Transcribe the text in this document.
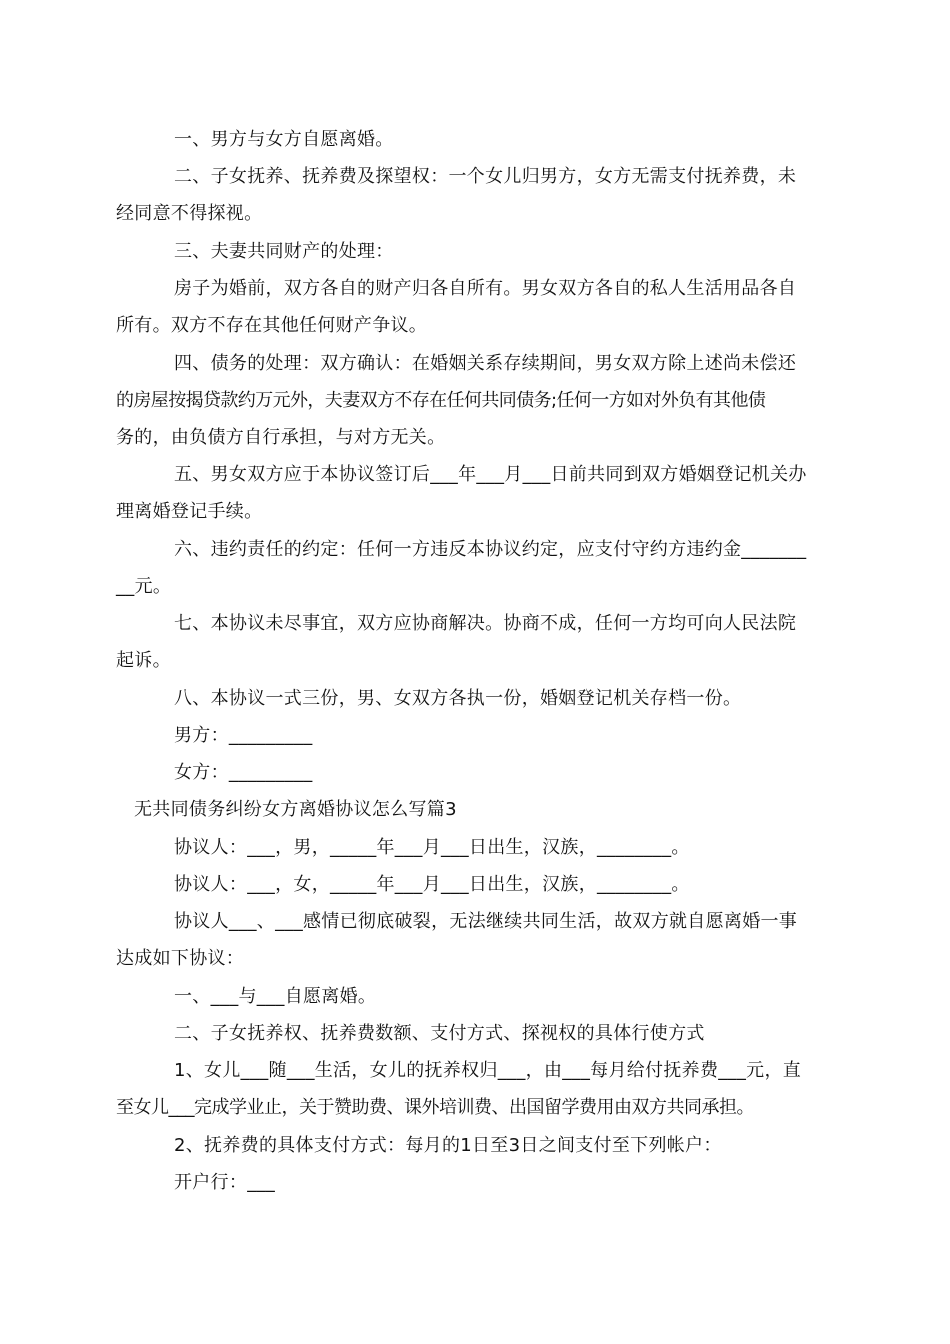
一、男方与女方自愿离婚。
二、子女抚养、抚养费及探望权：一个女儿归男方，女方无需支付抚养费，未
经同意不得探视。
三、夫妻共同财产的处理：
房子为婚前，双方各自的财产归各自所有。男女双方各自的私人生活用品各自
所有。双方不存在其他任何财产争议。
四、债务的处理：双方确认：在婚姻关系存续期间，男女双方除上述尚未偿还
的房屋按揭贷款约万元外，夫妻双方不存在任何共同债务;任何一方如对外负有其他债
务的，由负债方自行承担，与对方无关。
五、男女双方应于本协议签订后___年___月___日前共同到双方婚姻登记机关办
理离婚登记手续。
六、违约责任的约定：任何一方违反本协议约定，应支付守约方违约金_______
__元。
七、本协议未尽事宜，双方应协商解决。协商不成，任何一方均可向人民法院
起诉。
八、本协议一式三份，男、女双方各执一份，婚姻登记机关存档一份。
男方：_________
女方：_________
无共同债务纠纷女方离婚协议怎么写篇3
协议人：___，男，_____年___月___日出生，汉族，________。
协议人：___，女，_____年___月___日出生，汉族，________。
协议人___、___感情已彻底破裂，无法继续共同生活，故双方就自愿离婚一事
达成如下协议：
一、___与___自愿离婚。
二、子女抚养权、抚养费数额、支付方式、探视权的具体行使方式
1、女儿___随___生活，女儿的抚养权归___，由___每月给付抚养费___元，直
至女儿___完成学业止，关于赞助费、课外培训费、出国留学费用由双方共同承担。
2、抚养费的具体支付方式：每月的1日至3日之间支付至下列帐户：
开户行：___
